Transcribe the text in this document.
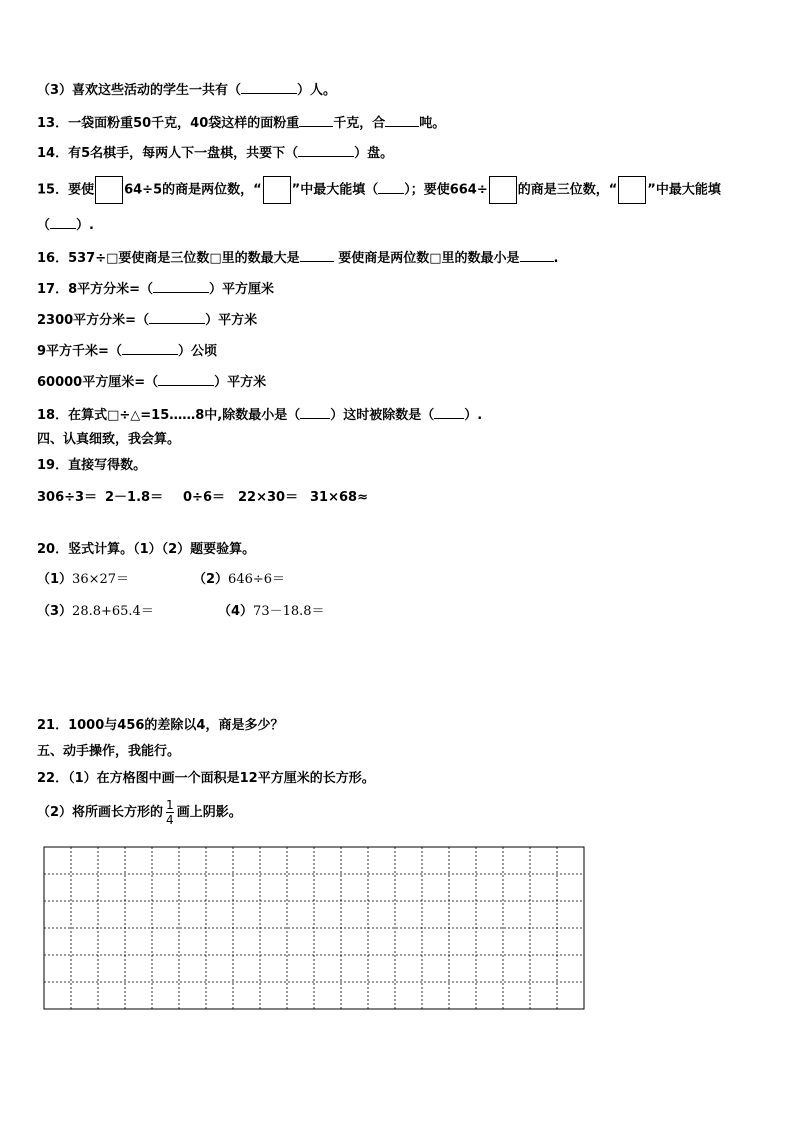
（3）喜欢这些活动的学生一共有（	）人。
13．一袋面粉重50千克，40袋这样的面粉重	千克，合	吨。
14．有5名棋手，每两人下一盘棋，共要下（	）盘。
15．要使 64÷5的商是两位数，“ ”中最大能填（ ）；要使664÷ 的商是三位数，“ ”中最大能填
（ ）.
16．537÷□要使商是三位数□里的数最大是	要使商是两位数□里的数最小是	.
17．8平方分米=（	）平方厘米
2300平方分米=（	）平方米
9平方千米=（	）公顷
60000平方厘米=（	）平方米
18．在算式□÷△=15……8中,除数最小是（ ）这时被除数是（ ）.
四、认真细致，我会算。
19．直接写得数。
306÷3＝ 2－1.8＝ 0÷6＝ 22×30＝ 31×68≈
20．竖式计算。（1）（2）题要验算。
（1）36×27＝	（2）646÷6＝
（3）28.8+65.4＝	（4）73－18.8＝
21．1000与456的差除以4，商是多少？
五、动手操作，我能行。
22．（1）在方格图中画一个面积是12平方厘米的长方形。
（2）将所画长方形的 $\frac{1}{4}$ 画上阴影。
